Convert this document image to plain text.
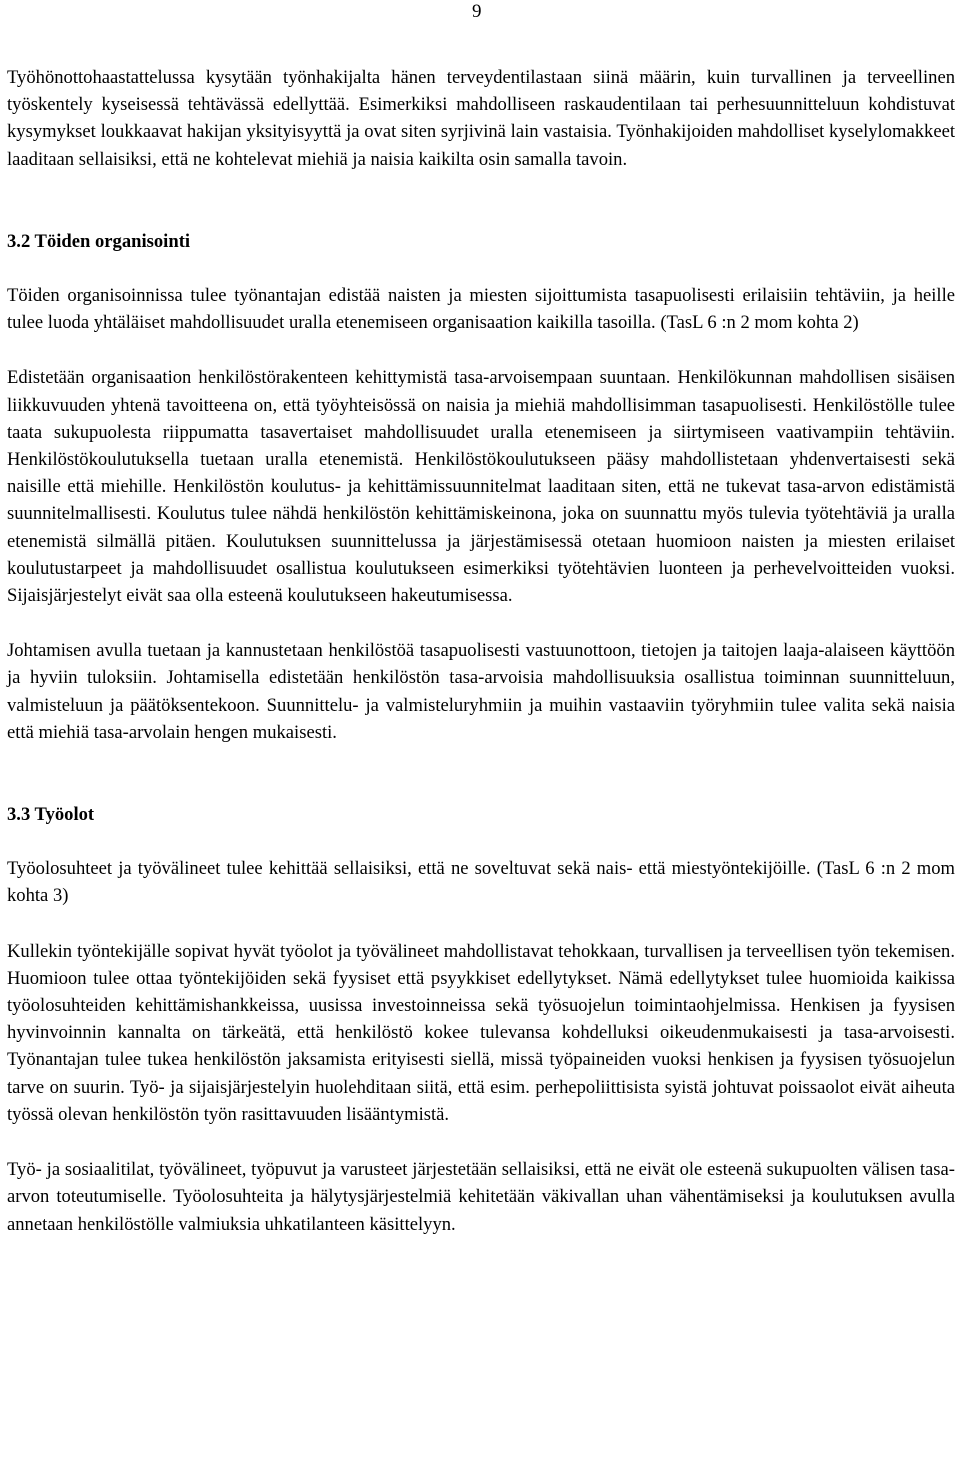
9

Työhönottohaastattelussa kysytään työnhakijalta hänen terveydentilastaan siinä määrin, kuin turvallinen ja terveellinen työskentely kyseisessä tehtävässä edellyttää. Esimerkiksi mahdolliseen raskaudentilaan tai perhesuunnitteluun kohdistuvat kysymykset loukkaavat hakijan yksityisyyttä ja ovat siten syrjivinä lain vastaisia. Työnhakijoiden mahdolliset kyselylomakkeet laaditaan sellaisiksi, että ne kohtelevat miehiä ja naisia kaikilta osin samalla tavoin.

3.2 Töiden organisointi

Töiden organisoinnissa tulee työnantajan edistää naisten ja miesten sijoittumista tasapuolisesti erilaisiin tehtäviin, ja heille tulee luoda yhtäläiset mahdollisuudet uralla etenemiseen organisaation kaikilla tasoilla. (TasL 6 :n 2 mom kohta 2)

Edistetään organisaation henkilöstörakenteen kehittymistä tasa-arvoisempaan suuntaan. Henkilökunnan mahdollisen sisäisen liikkuvuuden yhtenä tavoitteena on, että työyhteisössä on naisia ja miehiä mahdollisimman tasapuolisesti. Henkilöstölle tulee taata sukupuolesta riippumatta tasavertaiset mahdollisuudet uralla etenemiseen ja siirtymiseen vaativampiin tehtäviin. Henkilöstökoulutuksella tuetaan uralla etenemistä. Henkilöstökoulutukseen pääsy mahdollistetaan yhdenvertaisesti sekä naisille että miehille. Henkilöstön koulutus- ja kehittämissuunnitelmat laaditaan siten, että ne tukevat tasa-arvon edistämistä suunnitelmallisesti. Koulutus tulee nähdä henkilöstön kehittämiskeinona, joka on suunnattu myös tulevia työtehtäviä ja uralla etenemistä silmällä pitäen. Koulutuksen suunnittelussa ja järjestämisessä otetaan huomioon naisten ja miesten erilaiset koulutustarpeet ja mahdollisuudet osallistua koulutukseen esimerkiksi työtehtävien luonteen ja perhevelvoitteiden vuoksi. Sijaisjärjestelyt eivät saa olla esteenä koulutukseen hakeutumisessa.

Johtamisen avulla tuetaan ja kannustetaan henkilöstöä tasapuolisesti vastuunottoon, tietojen ja taitojen laaja-alaiseen käyttöön ja hyviin tuloksiin. Johtamisella edistetään henkilöstön tasa-arvoisia mahdollisuuksia osallistua toiminnan suunnitteluun, valmisteluun ja päätöksentekoon. Suunnittelu- ja valmisteluryhmiin ja muihin vastaaviin työryhmiin tulee valita sekä naisia että miehiä tasa-arvolain hengen mukaisesti.

3.3 Työolot

Työolosuhteet ja työvälineet tulee kehittää sellaisiksi, että ne soveltuvat sekä nais- että miestyöntekijöille. (TasL 6 :n 2 mom kohta 3)

Kullekin työntekijälle sopivat hyvät työolot ja työvälineet mahdollistavat tehokkaan, turvallisen ja terveellisen työn tekemisen. Huomioon tulee ottaa työntekijöiden sekä fyysiset että psyykkiset edellytykset. Nämä edellytykset tulee huomioida kaikissa työolosuhteiden kehittämishankkeissa, uusissa investoinneissa sekä työsuojelun toimintaohjelmissa. Henkisen ja fyysisen hyvinvoinnin kannalta on tärkeätä, että henkilöstö kokee tulevansa kohdelluksi oikeudenmukaisesti ja tasa-arvoisesti. Työnantajan tulee tukea henkilöstön jaksamista erityisesti siellä, missä työpaineiden vuoksi henkisen ja fyysisen työsuojelun tarve on suurin. Työ- ja sijaisjärjestelyin huolehditaan siitä, että esim. perhepoliittisista syistä johtuvat poissaolot eivät aiheuta työssä olevan henkilöstön työn rasittavuuden lisääntymistä.

Työ- ja sosiaalitilat, työvälineet, työpuvut ja varusteet järjestetään sellaisiksi, että ne eivät ole esteenä sukupuolten välisen tasa-arvon toteutumiselle. Työolosuhteita ja hälytysjärjestelmiä kehitetään väkivallan uhan vähentämiseksi ja koulutuksen avulla annetaan henkilöstölle valmiuksia uhkatilanteen käsittelyyn.
